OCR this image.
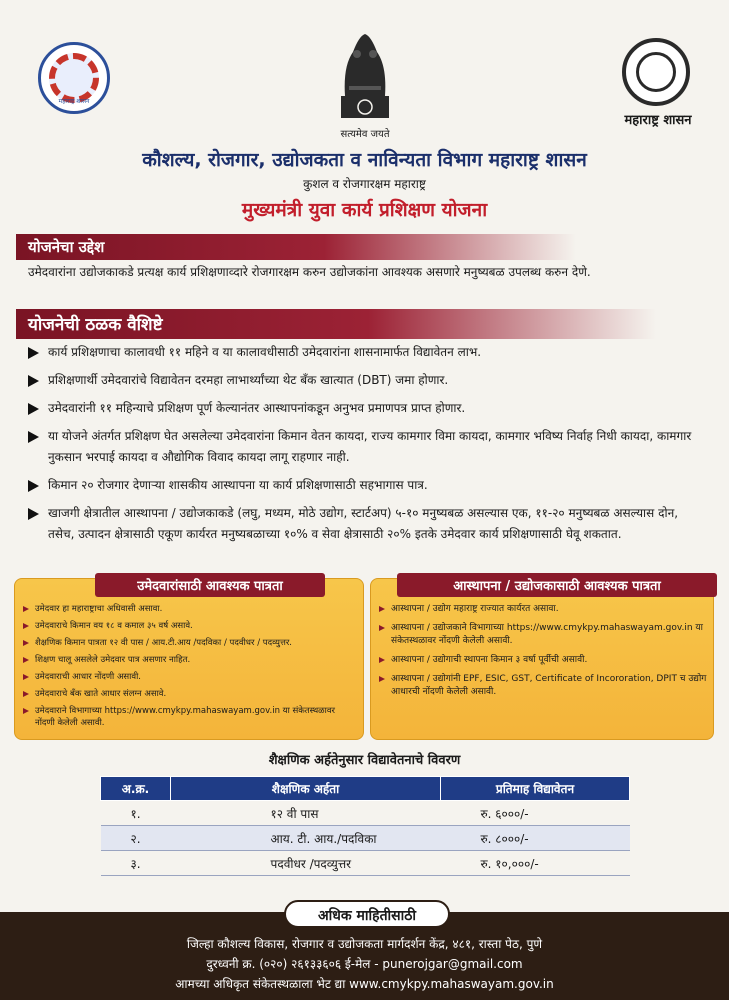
महाराष्ट्र शासन
सत्यमेव जयते
महाराष्ट्र शासन
कौशल्य, रोजगार, उद्योजकता व नाविन्यता विभाग महाराष्ट्र शासन
कुशल व रोजगारक्षम महाराष्ट्र
मुख्यमंत्री युवा कार्य प्रशिक्षण योजना
योजनेचा उद्देश
उमेदवारांना उद्योजकाकडे प्रत्यक्ष कार्य प्रशिक्षणाव्दारे रोजगारक्षम करुन उद्योजकांना आवश्यक असणारे मनुष्यबळ उपलब्ध करुन देणे.
योजनेची ठळक वैशिष्टे
कार्य प्रशिक्षणाचा कालावधी ११ महिने व या कालावधीसाठी उमेदवारांना शासनामार्फत विद्यावेतन लाभ.
प्रशिक्षणार्थी उमेदवारांचे विद्यावेतन दरमहा लाभार्थ्यांच्या थेट बँक खात्यात (DBT) जमा होणार.
उमेदवारांनी ११ महिन्याचे प्रशिक्षण पूर्ण केल्यानंतर आस्थापनांकडून अनुभव प्रमाणपत्र प्राप्त होणार.
या योजने अंतर्गत प्रशिक्षण घेत असलेल्या उमेदवारांना किमान वेतन कायदा, राज्य कामगार विमा कायदा, कामगार भविष्य निर्वाह निधी कायदा, कामगार नुकसान भरपाई कायदा व औद्योगिक विवाद कायदा लागू राहणार नाही.
किमान २० रोजगार देणाऱ्या शासकीय आस्थापना या कार्य प्रशिक्षणासाठी सहभागास पात्र.
खाजगी क्षेत्रातील आस्थापना / उद्योजकाकडे (लघु, मध्यम, मोठे उद्योग, स्टार्टअप) ५-१० मनुष्यबळ असल्यास एक, ११-२० मनुष्यबळ असल्यास दोन, तसेच, उत्पादन क्षेत्रासाठी एकूण कार्यरत मनुष्यबळाच्या १०% व सेवा क्षेत्रासाठी २०% इतके उमेदवार कार्य प्रशिक्षणासाठी घेवू शकतात.
उमेदवारांसाठी आवश्यक पात्रता
उमेदवार हा महाराष्ट्राचा अधिवासी असावा.
उमेदवाराचे किमान वय १८ व कमाल ३५ वर्ष असावे.
शैक्षणिक किमान पात्रता १२ वी पास / आय.टी.आय /पदविका / पदवीधर / पदव्युत्तर.
शिक्षण चालू असलेले उमेदवार पात्र असणार नाहित.
उमेदवाराची आधार नोंदणी असावी.
उमेदवाराचे बँक खाते आधार संलग्न असावे.
उमेदवाराने विभागाच्या https://www.cmykpy.mahaswayam.gov.in या संकेतस्थळावर नोंदणी केलेली असावी.
आस्थापना / उद्योजकासाठी आवश्यक पात्रता
आस्थापना / उद्योग महाराष्ट्र राज्यात कार्यरत असावा.
आस्थापना / उद्योजकाने विभागाच्या https://www.cmykpy.mahaswayam.gov.in या संकेतस्थळावर नोंदणी केलेली असावी.
आस्थापना / उद्योगाची स्थापना किमान ३ वर्षा पूर्वीची असावी.
आस्थापना / उद्योगांनी EPF, ESIC, GST, Certificate of Incororation, DPIT च उद्योग आधारची नोंदणी केलेली असावी.
शैक्षणिक अर्हतेनुसार विद्यावेतनाचे विवरण
अ.क्र.	शैक्षणिक अर्हता	प्रतिमाह विद्यावेतन
१.	१२ वी पास	रु. ६०००/-
२.	आय. टी. आय./पदविका	रु. ८०००/-
३.	पदवीधर /पदव्युत्तर	रु. १०,०००/-
अधिक माहितीसाठी
जिल्हा कौशल्य विकास, रोजगार व उद्योजकता मार्गदर्शन केंद्र, ४८१, रास्ता पेठ, पुणे
दुरध्वनी क्र. (०२०) २६१३३६०६ ई-मेल - punerojgar@gmail.com
आमच्या अधिकृत संकेतस्थळाला भेट द्या www.cmykpy.mahaswayam.gov.in
